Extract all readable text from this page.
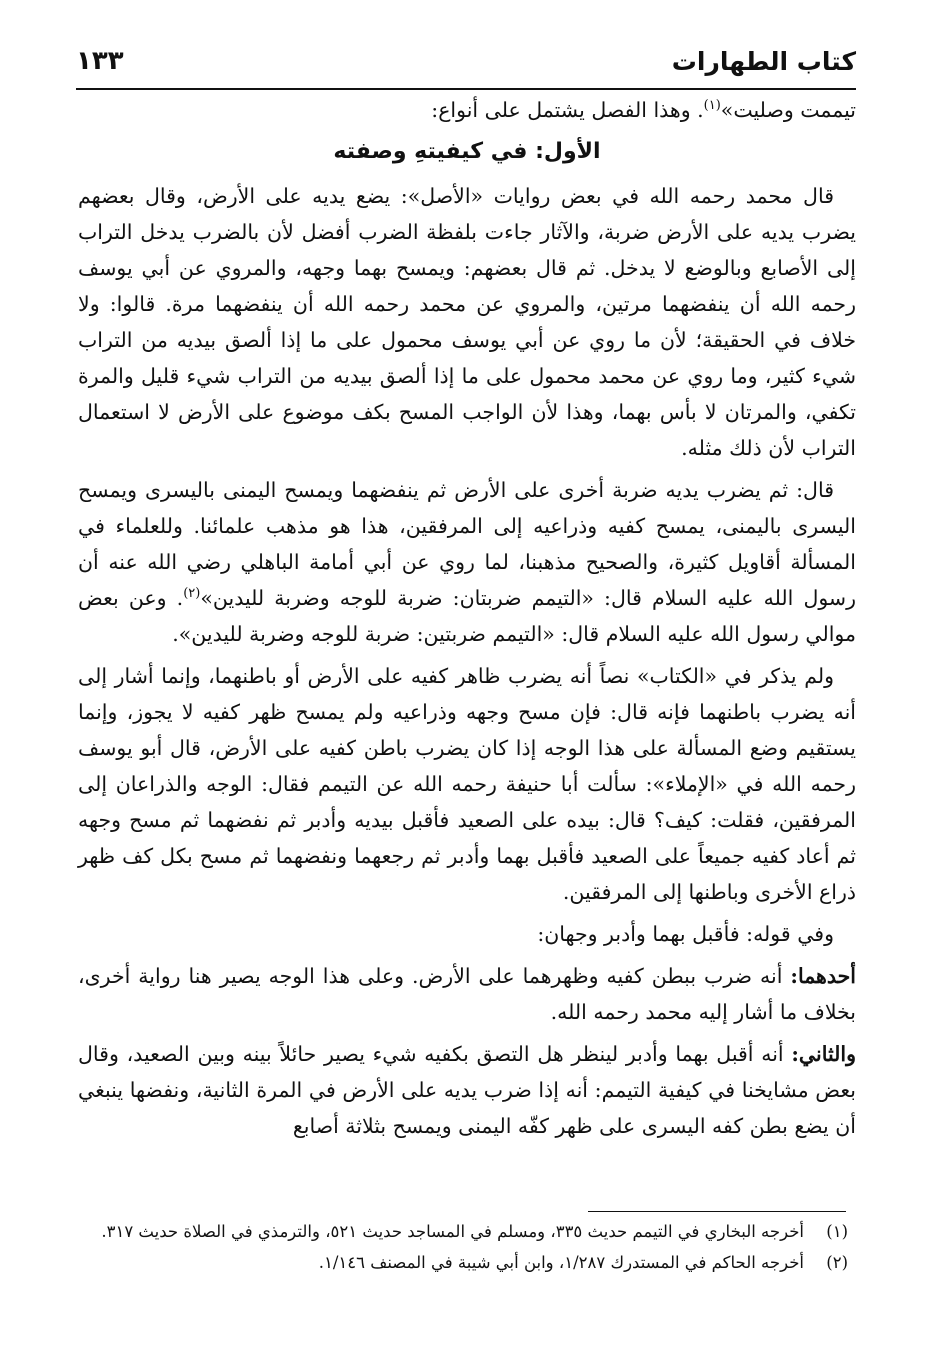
١٣٣	كتاب الطهارات

تيممت وصليت»$^{(١)}$. وهذا الفصل يشتمل على أنواع:

الأول: في كيفيتهِ وصفته

قال محمد رحمه الله في بعض روايات «الأصل»: يضع يديه على الأرض، وقال بعضهم يضرب يديه على الأرض ضربة، والآثار جاءت بلفظة الضرب أفضل لأن بالضرب يدخل التراب إلى الأصابع وبالوضع لا يدخل. ثم قال بعضهم: ويمسح بهما وجهه، والمروي عن أبي يوسف رحمه الله أن ينفضهما مرتين، والمروي عن محمد رحمه الله أن ينفضهما مرة. قالوا: ولا خلاف في الحقيقة؛ لأن ما روي عن أبي يوسف محمول على ما إذا ألصق بيديه من التراب شيء كثير، وما روي عن محمد محمول على ما إذا ألصق بيديه من التراب شيء قليل والمرة تكفي، والمرتان لا بأس بهما، وهذا لأن الواجب المسح بكف موضوع على الأرض لا استعمال التراب لأن ذلك مثله.

قال: ثم يضرب يديه ضربة أخرى على الأرض ثم ينفضهما ويمسح اليمنى باليسرى ويمسح اليسرى باليمنى، يمسح كفيه وذراعيه إلى المرفقين، هذا هو مذهب علمائنا. وللعلماء في المسألة أقاويل كثيرة، والصحيح مذهبنا، لما روي عن أبي أمامة الباهلي رضي الله عنه أن رسول الله عليه السلام قال: «التيمم ضربتان: ضربة للوجه وضربة لليدين»$^{(٢)}$. وعن بعض موالي رسول الله عليه السلام قال: «التيمم ضربتين: ضربة للوجه وضربة لليدين».

ولم يذكر في «الكتاب» نصاً أنه يضرب ظاهر كفيه على الأرض أو باطنهما، وإنما أشار إلى أنه يضرب باطنهما فإنه قال: فإن مسح وجهه وذراعيه ولم يمسح ظهر كفيه لا يجوز، وإنما يستقيم وضع المسألة على هذا الوجه إذا كان يضرب باطن كفيه على الأرض، قال أبو يوسف رحمه الله في «الإملاء»: سألت أبا حنيفة رحمه الله عن التيمم فقال: الوجه والذراعان إلى المرفقين، فقلت: كيف؟ قال: بيده على الصعيد فأقبل بيديه وأدبر ثم نفضهما ثم مسح وجهه ثم أعاد كفيه جميعاً على الصعيد فأقبل بهما وأدبر ثم رجعهما ونفضهما ثم مسح بكل كف ظهر ذراع الأخرى وباطنها إلى المرفقين.

وفي قوله: فأقبل بهما وأدبر وجهان:

أحدهما: أنه ضرب ببطن كفيه وظهرهما على الأرض. وعلى هذا الوجه يصير هنا رواية أخرى، بخلاف ما أشار إليه محمد رحمه الله.

والثاني: أنه أقبل بهما وأدبر لينظر هل التصق بكفيه شيء يصير حائلاً بينه وبين الصعيد، وقال بعض مشايخنا في كيفية التيمم: أنه إذا ضرب يديه على الأرض في المرة الثانية، ونفضها ينبغي أن يضع بطن كفه اليسرى على ظهر كفّه اليمنى ويمسح بثلاثة أصابع

(١)
أخرجه البخاري في التيمم حديث ٣٣٥، ومسلم في المساجد حديث ٥٢١، والترمذي في الصلاة حديث ٣١٧.
(٢)
أخرجه الحاكم في المستدرك ١/٢٨٧، وابن أبي شيبة في المصنف ١/١٤٦.
